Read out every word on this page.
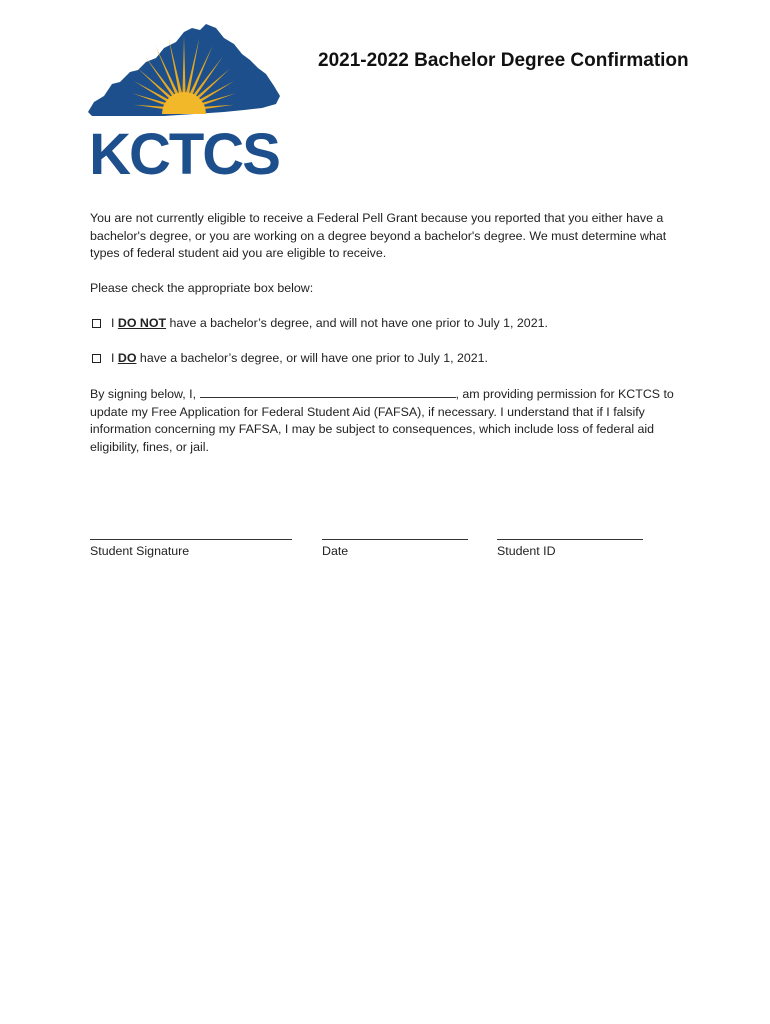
KCTCS
2021-2022 Bachelor Degree Confirmation
You are not currently eligible to receive a Federal Pell Grant because you reported that you either have a bachelor's degree, or you are working on a degree beyond a bachelor's degree. We must determine what types of federal student aid you are eligible to receive.
Please check the appropriate box below:
I DO NOT have a bachelor’s degree, and will not have one prior to July 1, 2021.
I DO have a bachelor’s degree, or will have one prior to July 1, 2021.
By signing below, I,	, am providing permission for KCTCS to update my Free Application for Federal Student Aid (FAFSA), if necessary. I understand that if I falsify information concerning my FAFSA, I may be subject to consequences, which include loss of federal aid eligibility, fines, or jail.
Student Signature	Date	Student ID
